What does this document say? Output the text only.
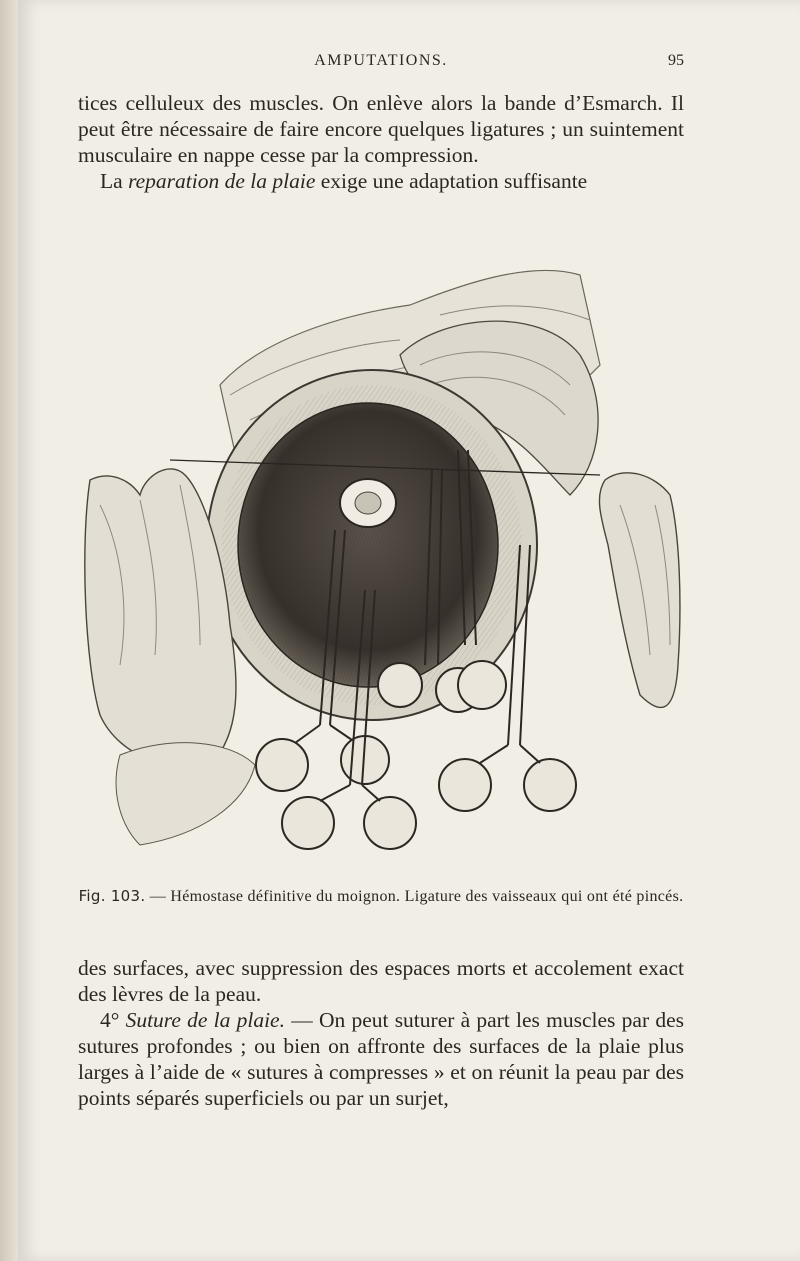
AMPUTATIONS.	95

tices celluleux des muscles. On enlève alors la bande d’Esmarch. Il peut être nécessaire de faire encore quelques ligatures ; un suintement musculaire en nappe cesse par la compression.

La reparation de la plaie exige une adaptation suffisante

Fig. 103. — Hémostase définitive du moignon. Ligature des vaisseaux qui ont été pincés.

des surfaces, avec suppression des espaces morts et accolement exact des lèvres de la peau.

4° Suture de la plaie. — On peut suturer à part les muscles par des sutures profondes ; ou bien on affronte des surfaces de la plaie plus larges à l’aide de « sutures à compresses » et on réunit la peau par des points séparés superficiels ou par un surjet,
